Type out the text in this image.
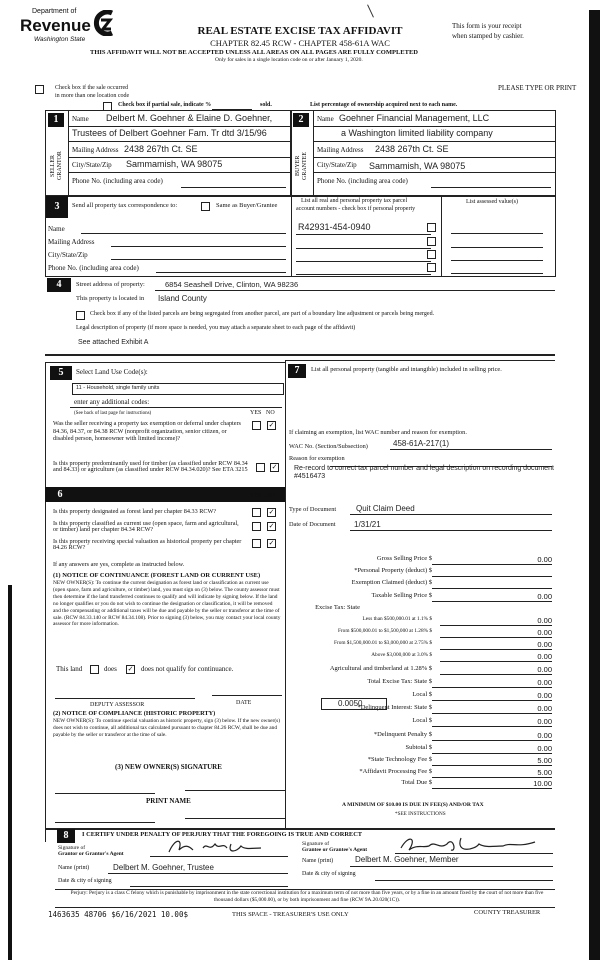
Department of
Revenue
Washington State
REAL ESTATE EXCISE TAX AFFIDAVIT
CHAPTER 82.45 RCW - CHAPTER 458-61A WAC
THIS AFFIDAVIT WILL NOT BE ACCEPTED UNLESS ALL AREAS ON ALL PAGES ARE FULLY COMPLETED
Only for sales in a single location code on or after January 1, 2020.
This form is your receipt
when stamped by cashier.
PLEASE TYPE OR PRINT
Check box if the sale occurred
in more than one location code
Check box if partial sale, indicate %	sold.	List percentage of ownership acquired next to each name.
1
SELLER
GRANTOR
Name Delbert M. Goehner & Elaine D. Goehner,
Trustees of Delbert Goehner Fam. Tr dtd 3/15/96
Mailing Address 2438 267th Ct. SE
City/State/Zip Sammamish, WA 98075
Phone No. (including area code)
2
BUYER
GRANTEE
Name Goehner Financial Management, LLC
a Washington limited liability company
Mailing Address 2438 267th Ct. SE
City/State/Zip Sammamish, WA 98075
Phone No. (including area code)
3	Send all property tax correspondence to:	Same as Buyer/Grantee
Name
Mailing Address
City/State/Zip
Phone No. (including area code)
List all real and personal property tax parcel
account numbers - check box if personal property
List assessed value(s)
R42931-454-0940
4	Street address of property:	6854 Seashell Drive, Clinton, WA 98236
This property is located in Island County
Check box if any of the listed parcels are being segregated from another parcel, are part of a boundary line adjustment or parcels being merged.
Legal description of property (if more space is needed, you may attach a separate sheet to each page of the affidavit)
See attached Exhibit A
5	Select Land Use Code(s):
11 - Household, single family units
enter any additional codes:
(See back of last page for instructions)	YES NO
Was the seller receiving a property tax exemption or deferral under chapters 84.36, 84.37, or 84.38 RCW (nonprofit organization, senior citizen, or disabled person, homeowner with limited income)?
✓
Is this property predominantly used for timber (as classified under RCW 84.34 and 84.33) or agriculture (as classified under RCW 84.34.020)? See ETA 3215	✓
6	YES NO
Is this property designated as forest land per chapter 84.33 RCW?	✓
Is this property classified as current use (open space, farm and agricultural, or timber) land per chapter 84.34 RCW?	✓
Is this property receiving special valuation as historical property per chapter 84.26 RCW?
✓
If any answers are yes, complete as instructed below.
(1) NOTICE OF CONTINUANCE (FOREST LAND OR CURRENT USE)
NEW OWNER(S): To continue the current designation as forest land or classification as current use (open space, farm and agriculture, or timber) land, you must sign on (3) below. The county assessor must then determine if the land transferred continues to qualify and will indicate by signing below. If the land no longer qualifies or you do not wish to continue the designation or classification, it will be removed and the compensating or additional taxes will be due and payable by the seller or transferor at the time of sale. (RCW 84.33.140 or RCW 84.34.108). Prior to signing (3) below, you may contact your local county assessor for more information.
This land	does ✓ does not qualify for continuance.
DEPUTY ASSESSOR	DATE
(2) NOTICE OF COMPLIANCE (HISTORIC PROPERTY)
NEW OWNER(S): To continue special valuation as historic property, sign (3) below. If the new owner(s) does not wish to continue, all additional tax calculated pursuant to chapter 84.26 RCW, shall be due and payable by the seller or transferor at the time of sale.
(3) NEW OWNER(S) SIGNATURE
PRINT NAME
7	List all personal property (tangible and intangible) included in selling price.
If claiming an exemption, list WAC number and reason for exemption.
WAC No. (Section/Subsection)	458-61A-217(1)
Reason for exemption
Re-record to correct tax parcel number and legal description on recording document #4516473
Type of Document Quit Claim Deed
Date of Document 1/31/21
Gross Selling Price $	0.00
*Personal Property (deduct) $
Exemption Claimed (deduct) $
Taxable Selling Price $	0.00
Excise Tax: State
Less than $500,000.01 at 1.1% $	0.00
From $500,000.01 to $1,500,000 at 1.28% $	0.00
From $1,500,000.01 to $3,000,000 at 2.75% $	0.00
Above $3,000,000 at 3.0% $	0.00
Agricultural and timberland at 1.28% $	0.00
Total Excise Tax: State $	0.00
Local $	0.00
*Delinquent Interest: State $	0.00
Local $	0.00
*Delinquent Penalty $	0.00
Subtotal $	0.00
*State Technology Fee $	5.00
*Affidavit Processing Fee $	5.00
Total Due $	10.00
0.0050
A MINIMUM OF $10.00 IS DUE IN FEE(S) AND/OR TAX
*SEE INSTRUCTIONS
8	I CERTIFY UNDER PENALTY OF PERJURY THAT THE FOREGOING IS TRUE AND CORRECT
Signature of
Grantor or Grantor's Agent
Signature of
Grantee or Grantee's Agent
Name (print)	Delbert M. Goehner, Trustee
Name (print)	Delbert M. Goehner, Member
Date & city of signing
Date & city of signing
Perjury: Perjury is a class C felony which is punishable by imprisonment in the state correctional institution for a maximum term of not more than five years, or by a fine in an amount fixed by the court of not more than five thousand dollars ($5,000.00), or by both imprisonment and fine (RCW 9A.20.020(1C)).
1463635 48706 $6/16/2021 10.00$	THIS SPACE - TREASURER'S USE ONLY	COUNTY TREASURER
